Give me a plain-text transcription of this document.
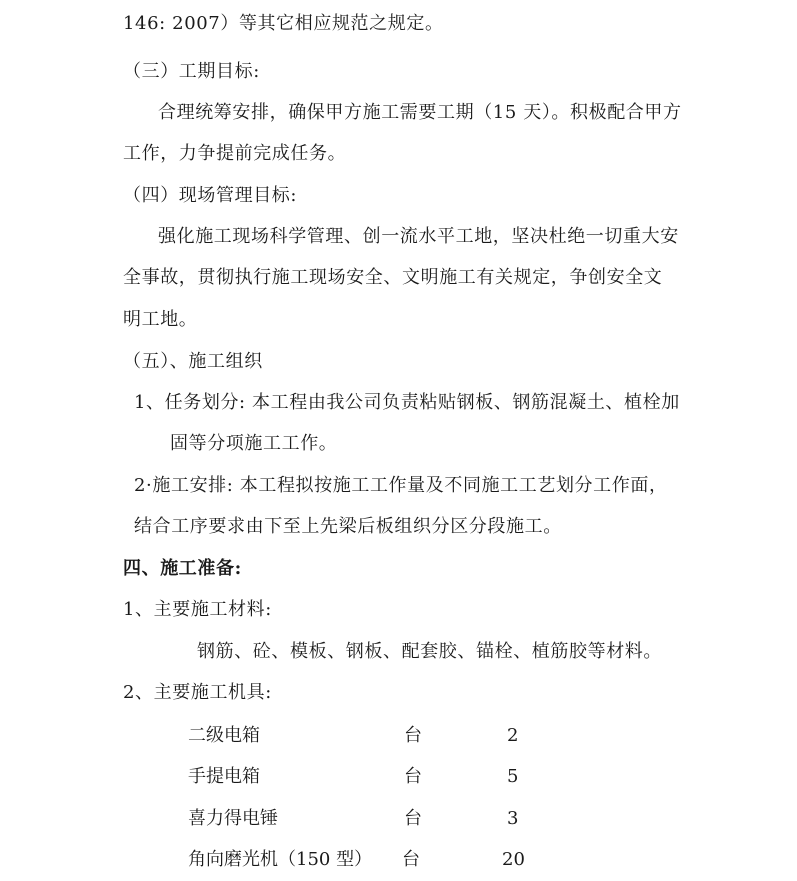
146: 2007）等其它相应规范之规定。
（三）工期目标:
合理统筹安排，确保甲方施工需要工期（15 天）。积极配合甲方
工作，力争提前完成任务。
（四）现场管理目标:
强化施工现场科学管理、创一流水平工地，坚决杜绝一切重大安
全事故，贯彻执行施工现场安全、文明施工有关规定，争创安全文
明工地。
（五）、施工组织
1、任务划分: 本工程由我公司负责粘贴钢板、钢筋混凝土、植栓加
固等分项施工工作。
2·施工安排: 本工程拟按施工工作量及不同施工工艺划分工作面，
结合工序要求由下至上先梁后板组织分区分段施工。
四、施工准备:
1、主要施工材料:
钢筋、砼、模板、钢板、配套胶、锚栓、植筋胶等材料。
2、主要施工机具:
二级电箱	台	2
手提电箱	台	5
喜力得电锤	台	3
角向磨光机（150 型） 台	20
